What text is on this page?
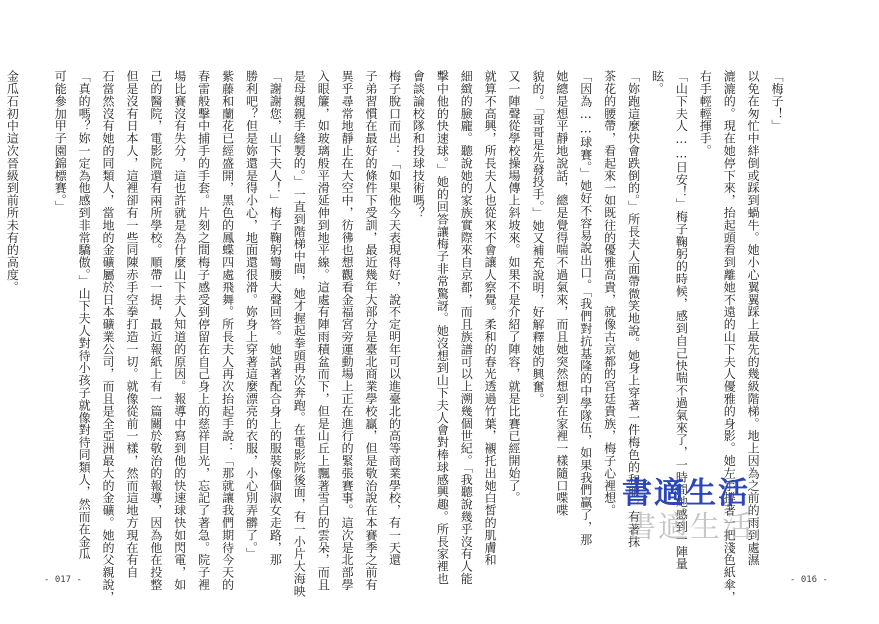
子弟習慣在最好的條件下受訓，最近幾年大部分是臺北商業學校贏，但是敬治說在本賽季之前有
異乎尋常地靜止在大空中，彷彿也想觀看金福宮旁運動場上正在進行的緊張賽事。這次是北部學
入眼簾，如玻璃般平滑延伸到地平線。這處有陣雨積盆而下，但是山丘上飄著雪白的雲朵，而且
是母親親手縫製的。」一直到階梯中間，她才握起拳頭再次奔跑。在電影院後面，有一小片大海映
「謝謝您，山下夫人！」梅子鞠躬彎腰大聲回答。她試著配合身上的服裝像個淑女走路，那
勝利吧？但是妳還是得小心，地面還很滑。妳身上穿著這麼漂亮的衣服，小心別弄髒了。」
紫藤和蘭花已經盛開，黑色的鳳蝶四處飛舞。所長夫人再次抬起手說：「那就讓我們期待今天的
春雷般擊中捕手的手套。片刻之間梅子感受到停留在自己身上的慈祥目光，忘記了著急。院子裡
場比賽沒有失分，這也許就是為什麼山下夫人知道的原因。報導中寫到他的快速球快如閃電，如
己的醫院，電影院還有兩所學校。順帶一提，最近報紙上有一篇關於敬治的報導，因為他在投整
但是沒有日本人，這裡卻有一些同陳赤手空拳打造一切。就像從前一樣，然而這地方現在有自
石當然沒有她的同類人，當地的金礦屬於日本礦業公司，而且是全亞洲最大的金礦。她的父親說，
「真的嗎？妳一定為他感到非常驕傲。」山下夫人對待小孩子就像對待同類人，然而在金瓜
可能參加甲子園錦標賽。」

金瓜石初中這次晉級到前所未有的高度。
- 017 -
「梅子！」
以免在匆忙中絆倒或踩到蝸牛。她小心翼翼踩上最先的幾級階梯。地上因為之前的雨到處濕
漉漉的。現在她停下來，抬起頭看到離她不遠的山下夫人優雅的身影。她左手撐著一把淺色紙傘，
右手輕輕揮手。
「山下夫人……日安！」梅子鞠躬的時候，感到自己快喘不過氣來了，一時間她感到一陣量
眩。
「妳跑這麼快會跌倒的。」所長夫人面帶微笑地說。她身上穿著一件梅色的和服，有著抹
茶花的腰帶，看起來一如既往的優雅高貴，就像古京都的宮廷貴族，梅子心裡想。
「因為……球賽。」她好不容易說出口。「我們對抗基隆的中學隊伍，如果我們贏了，那
她總是想平靜地說話，總是覺得喘不過氣來，而且她突然想到在家裡一樣隨口喋喋
貌的。「哥哥是先發投手。」她又補充說明，好解釋她的興奮。
又一陣聲從學校操場傳上斜坡來。如果不是介紹了陣容，就是比賽已經開始了。
就算不高興，所長夫人也從來不會讓人察覺。柔和的春光透過竹葉，襯托出她白皙的肌膚和
細緻的臉龐。聽說她的家族實際來自京都，而且族譜可以上溯幾個世紀。「我聽說幾乎沒有人能
擊中他的快速球。」她的回答讓梅子非常驚訝。她沒想到山下夫人會對棒球感興趣。所長家裡也
會談論校隊和投球技術嗎？
梅子脫口而出：「如果他今天表現得好，說不定明年可以進臺北的高等商業學校，有一天還
- 016 -
書適生活
書適生活
